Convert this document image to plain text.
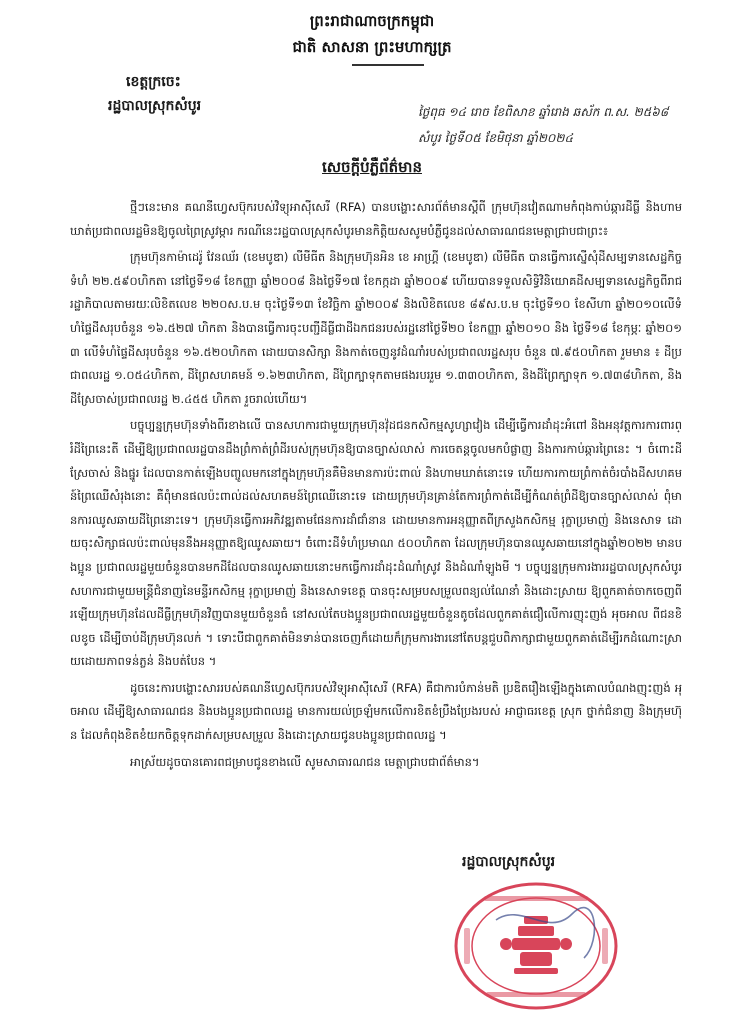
ព្រះរាជាណាចក្រកម្ពុជា
ជាតិ សាសនា ព្រះមហាក្សត្រ
ខេត្តក្រចេះ
រដ្ឋបាលស្រុកសំបូរ	ថ្ងៃពុធ ១៤ រោច ខែពិសាខ ឆ្នាំរោង ឆស័ក ព.ស. ២៥៦៨
សំបូរ ថ្ងៃទី០៥ ខែមិថុនា ឆ្នាំ២០២៤
សេចក្តីបំភ្លឺព័ត៌មាន

ថ្មីៗនេះមាន គណនីហ្វេសប៊ុករបស់វិទ្យុអាស៊ីសេរី (RFA) បានបង្ហោះសារព័ត៌មានស្តីពី ក្រុមហ៊ុនវៀតណាមកំពុងកាប់ឆ្ការដីធ្លី និងហាមឃាត់ប្រជាពលរដ្ឋមិនឱ្យចូលព្រៃស្រូវម្ការ ករណីនេះរដ្ឋបាលស្រុកសំបូរមានកិត្តិយសសូមបំភ្លឺជូនដល់សាធារណជនមេត្តាជ្រាបជាព្រះ៖

ក្រុមហ៊ុនកាម៉ាដេរ៉ូ វែនឈ័រ (ខេមបូឌា) លីមីធីត និងក្រុមហ៊ុនអិន ខេ អាហ្គ្រី (ខេមបូឌា) លីមីធីត បានធ្វើការស្នើសុំដីសម្បទានសេដ្ឋកិច្ចទំហំ ២២.៥៩០ហិកតា នៅថ្ងៃទី១៨ ខែកញ្ញា ឆ្នាំ២០០៨ និងថ្ងៃទី១៧ ខែកក្កដា ឆ្នាំ២០០៩ ហើយបានទទួលសិទ្ធិវិនិយោគដីសម្បទានសេដ្ឋកិច្ចពីរាជរដ្ឋាភិបាលតាមរយៈលិខិតលេខ ២២០ស.ប.ម ចុះថ្ងៃទី១៣ ខែវិច្ឆិកា ឆ្នាំ២០០៩ និងលិខិតលេខ ៨៩ស.ប.ម ចុះថ្ងៃទី១០ ខែសីហា ឆ្នាំ២០១០លើទំហំផ្ទៃដីសរុបចំនួន ១៦.៥២៧ ហិកតា និងបានធ្វើការចុះបញ្ជីដីធ្លីជាដីឯកជនរបស់រដ្ឋនៅថ្ងៃទី២០ ខែកញ្ញា ឆ្នាំ២០១០ និង ថ្ងៃទី១៨ ខែកុម្ភៈ ឆ្នាំ២០១៣ លើទំហំផ្ទៃដីសរុបចំនួន ១៦.៥២០ហិកតា ដោយបានសិក្សា និងកាត់ចេញនូវដំណាំរបស់ប្រជាពលរដ្ឋសរុប ចំនួន ៧.៩៥០ហិកតា រួមមាន ៖ ដីប្រជាពលរដ្ឋ ១.០៥៤ហិកតា, ដីព្រៃសហគមន៍ ១.៦២៣ហិកតា, ដីព្រៃក្បាទុកតាមផងរបររួម ១.៣៣០ហិកតា, និងដីព្រៃក្បាទុក ១.៧៣៨ហិកតា, និងដីស្រែចាស់ប្រជាពលរដ្ឋ ២.៤៥៥ ហិកតា រួចរាល់ហើយ។

បច្ចុប្បន្នក្រុមហ៊ុនទាំងពីរខាងលើ បានសហការជាមួយក្រុមហ៊ុនវ៉ុដជនកសិកម្មសូហ្សាវៀង ដើម្បីធ្វើការដាំដុះអំពៅ និងអនុវត្តការការពារព្រំដីព្រៃនេះតី ដើម្បីឱ្យប្រជាពលរដ្ឋបានដឹងព្រំកាត់ព្រំដីរបស់ក្រុមហ៊ុនឱ្យបានច្បាស់លាស់ ការចេតន្តចូលមកបំផ្លាញ និងការកាប់ឆ្ការព្រៃនេះ ។ ចំពោះដីស្រែចាស់ និងផ្នូរ ដែលបានកាត់ឡើងបញ្ចូលមកនៅក្នុងក្រុមហ៊ុនគឺមិនមានការប៉ះពាល់ និងហាមឃាត់នោះទេ ហើយការកាយព្រំកាត់ចំរបាំងដីសហគមន៍ព្រៃឈើសំរុងនោះ គឺពុំមានផលប៉ះពាល់ដល់សហគមន៍ព្រៃឈើនោះទេ ដោយក្រុមហ៊ុនគ្រាន់តែការព្រំកាត់ដើម្បីកំណត់ព្រំដីឱ្យបានច្បាស់លាស់ ពុំមានការឈូសឆាយដីព្រៃនោះទេ។ ក្រុមហ៊ុនធ្វើការអភិវឌ្ឍតាមផែនការដាំជាំនាន ដោយមានការអនុញ្ញាតពីក្រសួងកសិកម្ម រុក្ខាប្រមាញ់ និងនេសាទ ដោយចុះសិក្សាផលប៉ះពាល់មុននឹងអនុញ្ញាតឱ្យឈូសឆាយ។ ចំពោះដីទំហំប្រមាណ ៥០០ហិកតា ដែលក្រុមហ៊ុនបានឈូសឆាយនៅក្នុងឆ្នាំ២០២២ មានបងប្អូន ប្រជាពលរដ្ឋមួយចំនួនបានមកដីដែលបានឈូសឆាយនោះមកធ្វើការដាំដុះដំណាំស្រូវ និងដំណាំឡូងមី ។ បច្ចុប្បន្នក្រុមការងាររដ្ឋបាលស្រុកសំបូរ សហការជាមួយមន្ត្រីជំនាញនៃមន្ទីរកសិកម្ម រុក្ខាប្រមាញ់ និងនេសាទខេត្ត បានចុះសម្របសម្រួលពន្យល់ណែនាំ និងដោះស្រាយ ឱ្យពួកគាត់ចាកចេញពីរឡើយក្រុមហ៊ុនដែលដីធ្លីក្រុមហ៊ុនវិញបានមួយចំនួនធំ នៅសល់តែបងប្អូនប្រជាពលរដ្ឋមួយចំនួនតូចដែលពួកគាត់ជឿលើការញុះញង់ អុចអាល ពីជនខិលខូច ដើម្បីចាប់ដីក្រុមហ៊ុនលក់ ។ ទោះបីជាពួកគាត់មិនទាន់បានចេញក៏ដោយក៏ក្រុមការងារនៅតែបន្តជួបពិភាក្សាជាមួយពួកគាត់ដើម្បីរកដំណោះស្រាយដោយភាពទន់ភ្លន់ និងបត់បែន ។

ដូចនេះការបង្ហោះសាររបស់គណនីហ្វេសប៊ុករបស់វិទ្យុអាស៊ីសេរី (RFA) គឺជាការបំភាន់មតិ ប្រឌិតរឿងឡើងក្នុងគោលបំណងញុះញង់ អុចអាល ដើម្បីឱ្យសាធារណជន និងបងប្អូនប្រជាពលរដ្ឋ មានការយល់ច្រឡំមកលើការខិតខំប្រឹងប្រែងរបស់ អាជ្ញាធរខេត្ត ស្រុក ថ្នាក់ជំនាញ និងក្រុមហ៊ុន ដែលកំពុងខិតខំយកចិត្តទុកដាក់សម្របសម្រួល និងដោះស្រាយជូនបងប្អូនប្រជាពលរដ្ឋ ។

អាស្រ័យដូចបានគោរពជម្រាបជូនខាងលើ សូមសាធារណជន មេត្តាជ្រាបជាព័ត៌មាន។

រដ្ឋបាលស្រុកសំបូរ
